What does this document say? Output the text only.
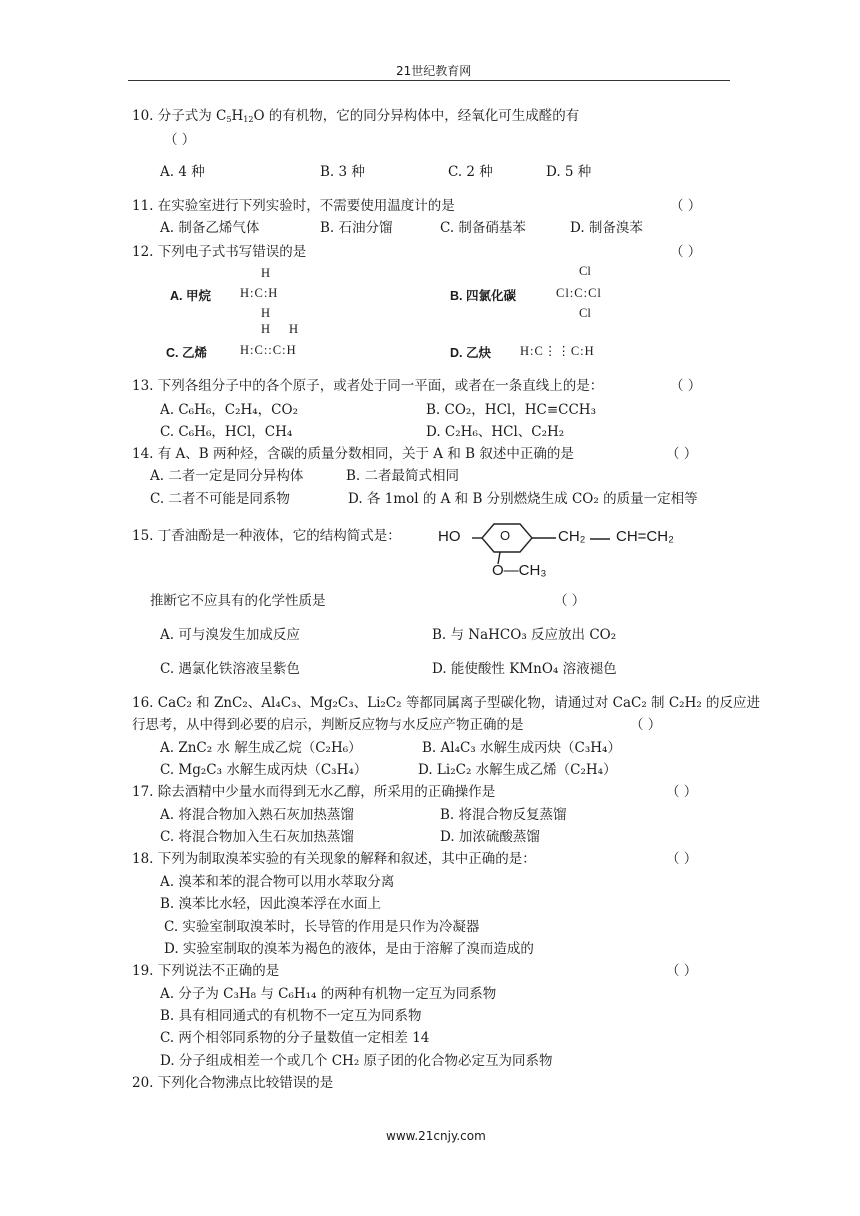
21世纪教育网
10. 分子式为 $C_5H_{12}O$ 的有机物，它的同分异构体中，经氧化可生成醛的有
（ ）
A. 4 种	B. 3 种	C. 2 种	D. 5 种
11. 在实验室进行下列实验时，不需要使用温度计的是	（ ）
A. 制备乙烯气体	B. 石油分馏	C. 制备硝基苯	D. 制备溴苯
12. 下列电子式书写错误的是	（ ）
A. 甲烷
H
H:C:H
H
B. 四氯化碳
Cl
Cl:C:Cl
Cl
H H
C. 乙烯	H:C::C:H	D. 乙炔 H:C⋮⋮C:H
13. 下列各组分子中的各个原子，或者处于同一平面，或者在一条直线上的是：	（ ）
A. C₆H₆，C₂H₄，CO₂	B. CO₂，HCl，HC≡CCH₃
C. C₆H₆，HCl，CH₄	D. C₂H₆、HCl、C₂H₂
14. 有 A、B 两种烃，含碳的质量分数相同，关于 A 和 B 叙述中正确的是	（ ）
A. 二者一定是同分异构体	B. 二者最简式相同
C. 二者不可能是同系物	D. 各 1mol 的 A 和 B 分别燃烧生成 CO₂ 的质量一定相等
15. 丁香油酚是一种液体，它的结构简式是： HO	O	CH₂ CH=CH₂
O—CH₃
推断它不应具有的化学性质是	（ ）
A. 可与溴发生加成反应	B. 与 NaHCO₃ 反应放出 CO₂
C. 遇氯化铁溶液呈紫色	D. 能使酸性 KMnO₄ 溶液褪色
16. CaC₂ 和 ZnC₂、Al₄C₃、Mg₂C₃、Li₂C₂ 等都同属离子型碳化物，请通过对 CaC₂ 制 C₂H₂ 的反应进
行思考，从中得到必要的启示，判断反应物与水反应产物正确的是	（ ）
A. ZnC₂ 水 解生成乙烷（C₂H₆）	B. Al₄C₃ 水解生成丙炔（C₃H₄）
C. Mg₂C₃ 水解生成丙炔（C₃H₄）	D. Li₂C₂ 水解生成乙烯（C₂H₄）
17. 除去酒精中少量水而得到无水乙醇，所采用的正确操作是	（ ）
A. 将混合物加入熟石灰加热蒸馏	B. 将混合物反复蒸馏
C. 将混合物加入生石灰加热蒸馏	D. 加浓硫酸蒸馏
18. 下列为制取溴苯实验的有关现象的解释和叙述，其中正确的是：	（ ）
A. 溴苯和苯的混合物可以用水萃取分离
B. 溴苯比水轻，因此溴苯浮在水面上
C. 实验室制取溴苯时，长导管的作用是只作为冷凝器
D. 实验室制取的溴苯为褐色的液体，是由于溶解了溴而造成的
19. 下列说法不正确的是	（ ）
A. 分子为 C₃H₈ 与 C₆H₁₄ 的两种有机物一定互为同系物
B. 具有相同通式的有机物不一定互为同系物
C. 两个相邻同系物的分子量数值一定相差 14
D. 分子组成相差一个或几个 CH₂ 原子团的化合物必定互为同系物
20. 下列化合物沸点比较错误的是
www.21cnjy.com
